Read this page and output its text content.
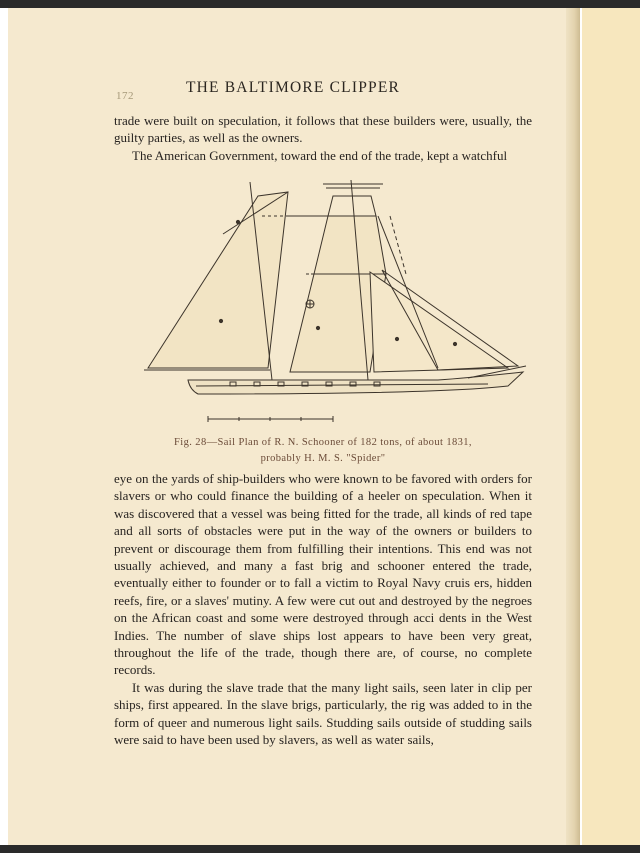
172	THE BALTIMORE CLIPPER

trade were built on speculation, it follows that these builders were, usually, the guilty parties, as well as the owners.

The American Government, toward the end of the trade, kept a watchful

Fig. 28—Sail Plan of R. N. Schooner of 182 tons, of about 1831,
probably H. M. S. "Spider"

eye on the yards of ship-builders who were known to be favored with orders for slavers or who could finance the building of a heeler on speculation. When it was discovered that a vessel was being fitted for the trade, all kinds of red tape and all sorts of obstacles were put in the way of the owners or builders to prevent or discourage them from fulfilling their intentions. This end was not usually achieved, and many a fast brig and schooner entered the trade, eventually either to founder or to fall a victim to Royal Navy cruis ers, hidden reefs, fire, or a slaves' mutiny. A few were cut out and destroyed by the negroes on the African coast and some were destroyed through acci dents in the West Indies. The number of slave ships lost appears to have been very great, throughout the life of the trade, though there are, of course, no complete records.

It was during the slave trade that the many light sails, seen later in clip per ships, first appeared. In the slave brigs, particularly, the rig was added to in the form of queer and numerous light sails. Studding sails outside of studding sails were said to have been used by slavers, as well as water sails,
